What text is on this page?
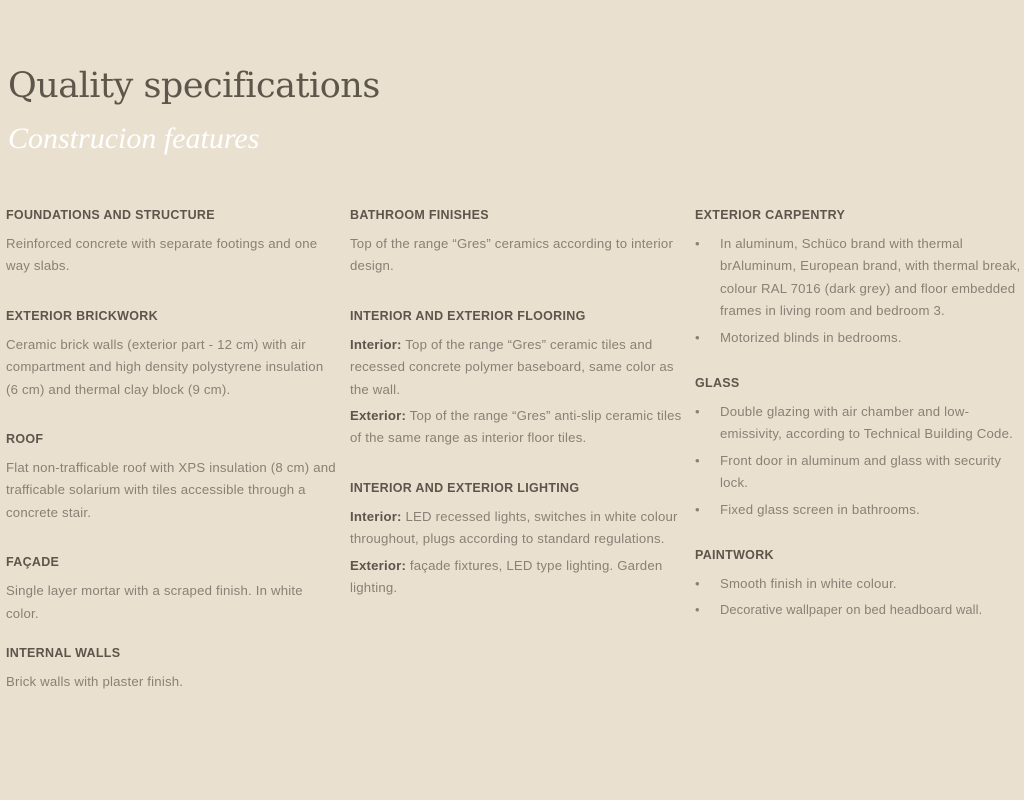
Quality specifications
Construcion features
FOUNDATIONS AND STRUCTURE

Reinforced concrete with separate footings and one way slabs.

EXTERIOR BRICKWORK

Ceramic brick walls (exterior part - 12 cm) with air compartment and high density polystyrene insulation (6 cm) and thermal clay block (9 cm).

ROOF

Flat non-trafficable roof with XPS insulation (8 cm) and trafficable solarium with tiles accessible through a concrete stair.

FAÇADE

Single layer mortar with a scraped finish. In white color.

INTERNAL WALLS

Brick walls with plaster finish.

BATHROOM FINISHES

Top of the range “Gres” ceramics according to interior design.

INTERIOR AND EXTERIOR FLOORING

Interior: Top of the range “Gres” ceramic tiles and recessed concrete polymer baseboard, same color as the wall.

Exterior: Top of the range “Gres” anti-slip ceramic tiles of the same range as interior floor tiles.

INTERIOR AND EXTERIOR LIGHTING

Interior: LED recessed lights, switches in white colour throughout, plugs according to standard regulations.

Exterior: façade fixtures, LED type lighting. Garden lighting.

EXTERIOR CARPENTRY
• In aluminum, Schüco brand with thermal brAluminum, European brand, with thermal break, colour RAL 7016 (dark grey) and floor embedded frames in living room and bedroom 3.
• Motorized blinds in bedrooms.
GLASS
• Double glazing with air chamber and low-emissivity, according to Technical Building Code.
• Front door in aluminum and glass with security lock.
• Fixed glass screen in bathrooms.
PAINTWORK
• Smooth finish in white colour.
• Decorative wallpaper on bed headboard wall.
